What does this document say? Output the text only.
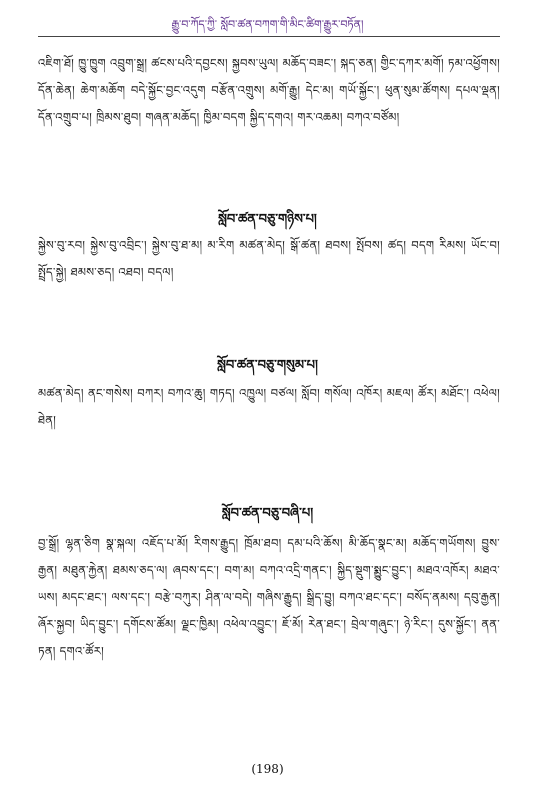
རྒྱུ་བ་ཀོད་ཀྱི་ སློབ་ཚན་བཀག་གི་མིང་ཚིག་རྒྱུར་བཏོན།
འཇིག་ཐོ། ཁྱུ་ཁྱུག འབྲུག་སྒྲ། ཚངས་པའི་དབྱངས། སྐྱབས་ཡུལ། མཆོད་བཟང་། སྐད་ཅན། གྱིང་དཀར་མགོ། ཏམ་འཕྱོགས། དོན་ཆེན། ཆེག་མཆོག བདེ་སྐྱོང་བྱང་འདུག བརྩོན་འགྲུས། མགོ་རྒྱུ། དེང་མ། གཡོ་སྐྱོང་། ཕུན་སུམ་ཚོགས། དཔལ་ལྡན། དོན་འགྲུབ་པ། ཁྲིམས་ཐུབ། གཞན་མཆོད། ཁྱིམ་བདག སྐྱིད་དགའ། གར་འཆམ། བཀའ་བཙོམ།
སློབ་ཚན་བཅུ་གཉིས་པ།
སྐྱེས་བུ་རབ། སྐྱེས་བུ་འབྲིང་། སྐྱེས་བུ་ཐ་མ། མ་རིག མཚན་མེད། སྒོ་ཚན། ཐབས། སྤོབས། ཚད། བདག རིམས། ཡོང་བ། སྤྲོད་སྐྱེ། ཐམས་ཅད། འཐབ། བདལ།
སློབ་ཚན་བཅུ་གསུམ་པ།
མཚན་མེད། ནང་གསེས། བཀར། བཀའ་ཆུ། གཏད། འཁྱུལ། བཙལ། སློབ། གསོལ། འཁོར། མཇལ། ཚོར། མཐོང་། འཕེལ། ཐེན།
སློབ་ཚན་བཅུ་བཞི་པ།
བྱ་སྒྲོ། ལྷན་ཅིག སྣ་སྐལ། འཇོད་པ་མོ། རིགས་རྒྱུད། ཁྲོམ་ཐབ། དམ་པའི་ཆོས། མི་ཆོད་སྣང་མ། མཆོད་གཡོགས། བྱུས་རྒྱན། མཐུན་རྐྱེན། ཐམས་ཅད་ལ། ཞབས་དང་། བག་མ། བཀའ་འདྲི་གནང་། སྐྱིད་སྡུག་སྨྱུང་བྱུང་། མཐའ་འཁོར། མཐའ་ཡས། མདང་ཐང་། ལས་དང་། བརྩེ་བཀུར། ཤིན་ལ་བདེ། གཞིས་རྒྱུད། སྒྲིད་བྱུ། བཀའ་ཐང་དང་། བསོད་ནམས། དབུ་རྒྱན། ཞོར་སྐྱབ། ཡིད་བྱུང་། དགོངས་ཚོམ། ལྗང་ཁྱིམ། འཕེལ་འབྱུང་། ཇོ་མོ། རེན་ཐང་། བྲེལ་གཞུང་། ཉེ་རིང་། དུས་སྐྱོང་། ནན་ཏན། དགའ་ཚོར།
(198)
